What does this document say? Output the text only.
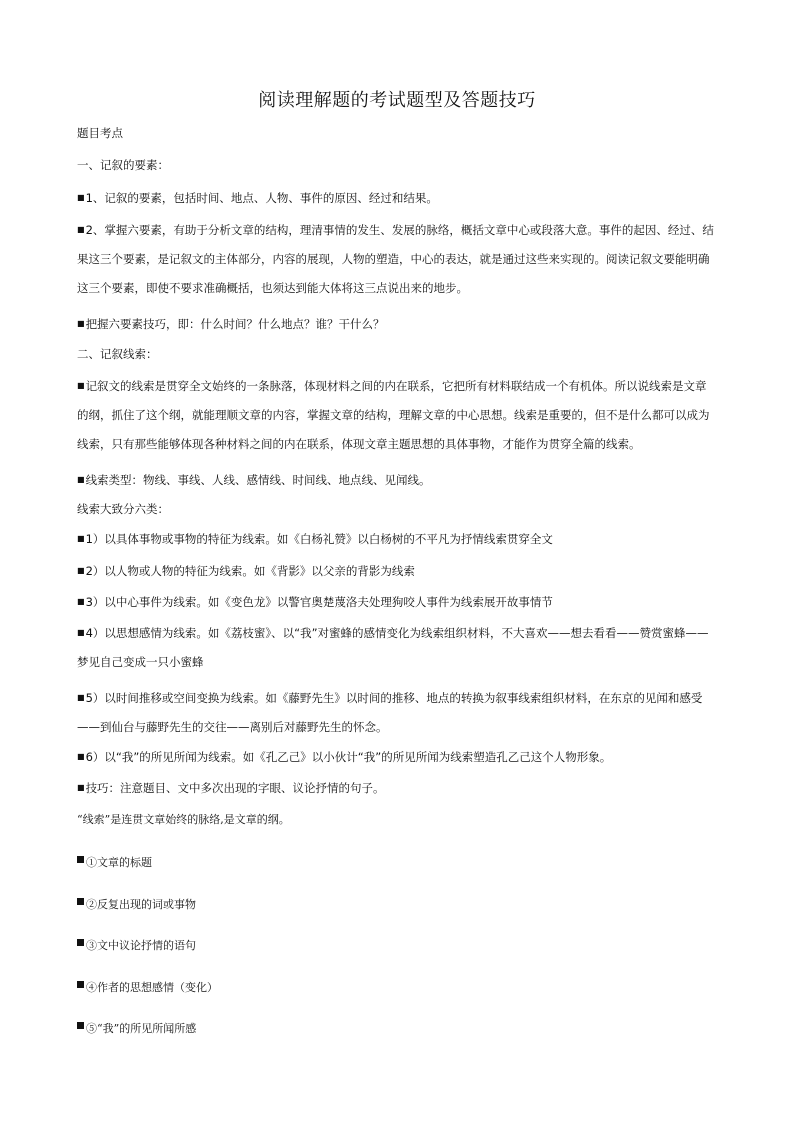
阅读理解题的考试题型及答题技巧
题目考点
一、记叙的要素：
■1、记叙的要素，包括时间、地点、人物、事件的原因、经过和结果。
■2、掌握六要素，有助于分析文章的结构，理清事情的发生、发展的脉络，概括文章中心或段落大意。事件的起因、经过、结果这三个要素，是记叙文的主体部分，内容的展现，人物的塑造，中心的表达，就是通过这些来实现的。阅读记叙文要能明确这三个要素，即使不要求准确概括，也须达到能大体将这三点说出来的地步。
■把握六要素技巧，即：什么时间？什么地点？谁？干什么？
二、记叙线索：
■记叙文的线索是贯穿全文始终的一条脉落，体现材料之间的内在联系，它把所有材料联结成一个有机体。所以说线索是文章的纲，抓住了这个纲，就能理顺文章的内容，掌握文章的结构，理解文章的中心思想。线索是重要的，但不是什么都可以成为线索，只有那些能够体现各种材料之间的内在联系，体现文章主题思想的具体事物，才能作为贯穿全篇的线索。
■线索类型：物线、事线、人线、感情线、时间线、地点线、见闻线。
线索大致分六类：
■1）以具体事物或事物的特征为线索。如《白杨礼赞》以白杨树的不平凡为抒情线索贯穿全文
■2）以人物或人物的特征为线索。如《背影》以父亲的背影为线索
■3）以中心事件为线索。如《变色龙》以警官奥楚蔑洛夫处理狗咬人事件为线索展开故事情节
■4）以思想感情为线索。如《荔枝蜜》、以“我”对蜜蜂的感情变化为线索组织材料，不大喜欢——想去看看——赞赏蜜蜂——梦见自己变成一只小蜜蜂
■5）以时间推移或空间变换为线索。如《藤野先生》以时间的推移、地点的转换为叙事线索组织材料，在东京的见闻和感受——到仙台与藤野先生的交往——离别后对藤野先生的怀念。
■6）以“我”的所见所闻为线索。如《孔乙己》以小伙计“我”的所见所闻为线索塑造孔乙己这个人物形象。
■技巧：注意题目、文中多次出现的字眼、议论抒情的句子。
“线索”是连贯文章始终的脉络,是文章的纲。
①文章的标题
②反复出现的词或事物
③文中议论抒情的语句
④作者的思想感情（变化）
⑤“我”的所见所闻所感
